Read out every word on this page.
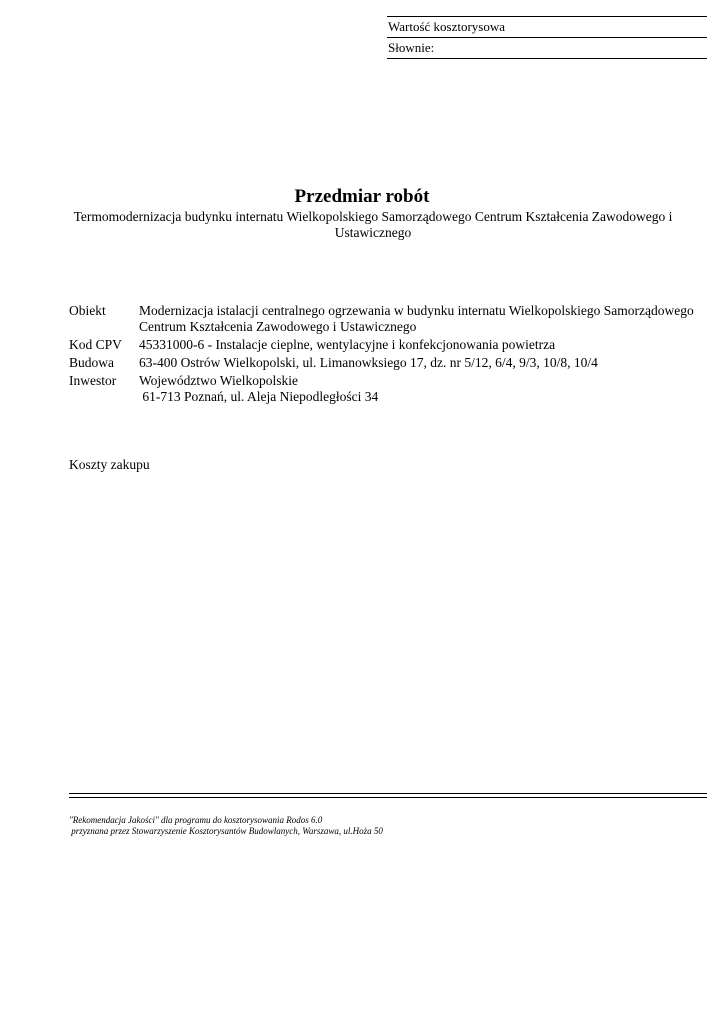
Wartość kosztorysowa
Słownie:
Przedmiar robót
Termomodernizacja budynku internatu Wielkopolskiego Samorządowego Centrum Kształcenia Zawodowego i Ustawicznego
Obiekt	Modernizacja istalacji centralnego ogrzewania w budynku internatu Wielkopolskiego Samorządowego Centrum Kształcenia Zawodowego i Ustawicznego
Kod CPV	45331000-6 - Instalacje cieplne, wentylacyjne i konfekcjonowania powietrza
Budowa	63-400 Ostrów Wielkopolski, ul. Limanowksiego 17, dz. nr 5/12, 6/4, 9/3, 10/8, 10/4
Inwestor	Województwo Wielkopolskie
61-713 Poznań, ul. Aleja Niepodległości 34
Koszty zakupu
"Rekomendacja Jakości" dla programu do kosztorysowania Rodos 6.0
przyznana przez Stowarzyszenie Kosztorysantów Budowlanych, Warszawa, ul.Hoża 50
